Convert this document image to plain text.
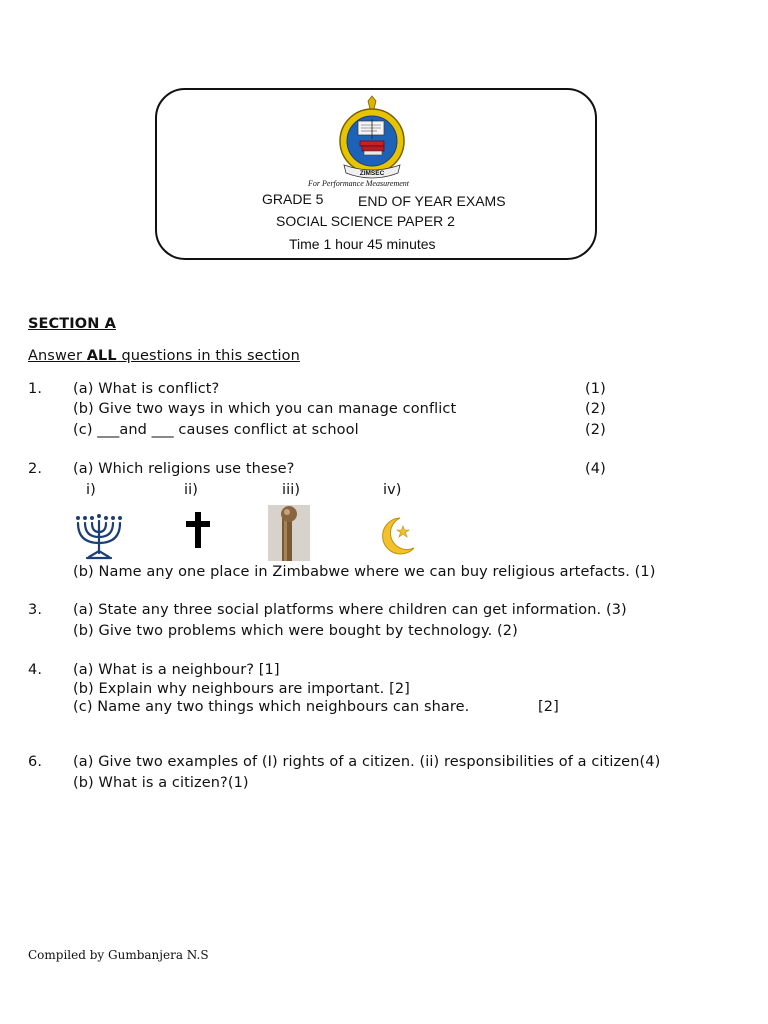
ZIMSEC
For Performance Measurement
GRADE 5 END OF YEAR EXAMS
SOCIAL SCIENCE PAPER 2
Time 1 hour 45 minutes
SECTION A
Answer ALL questions in this section
1. (a) What is conflict?	(1)
(b) Give two ways in which you can manage conflict	(2)
(c) ___and ___ causes conflict at school	(2)
2. (a) Which religions use these?	(4)
i)	ii)	iii)	iv)
(b) Name any one place in Zimbabwe where we can buy religious artefacts. (1)
3. (a) State any three social platforms where children can get information. (3)
(b) Give two problems which were bought by technology. (2)
4. (a) What is a neighbour? [1]
(b) Explain why neighbours are important. [2]
(c) Name any two things which neighbours can share.	[2]
6. (a) Give two examples of (I) rights of a citizen. (ii) responsibilities of a citizen(4)
(b) What is a citizen?(1)
Compiled by Gumbanjera N.S
